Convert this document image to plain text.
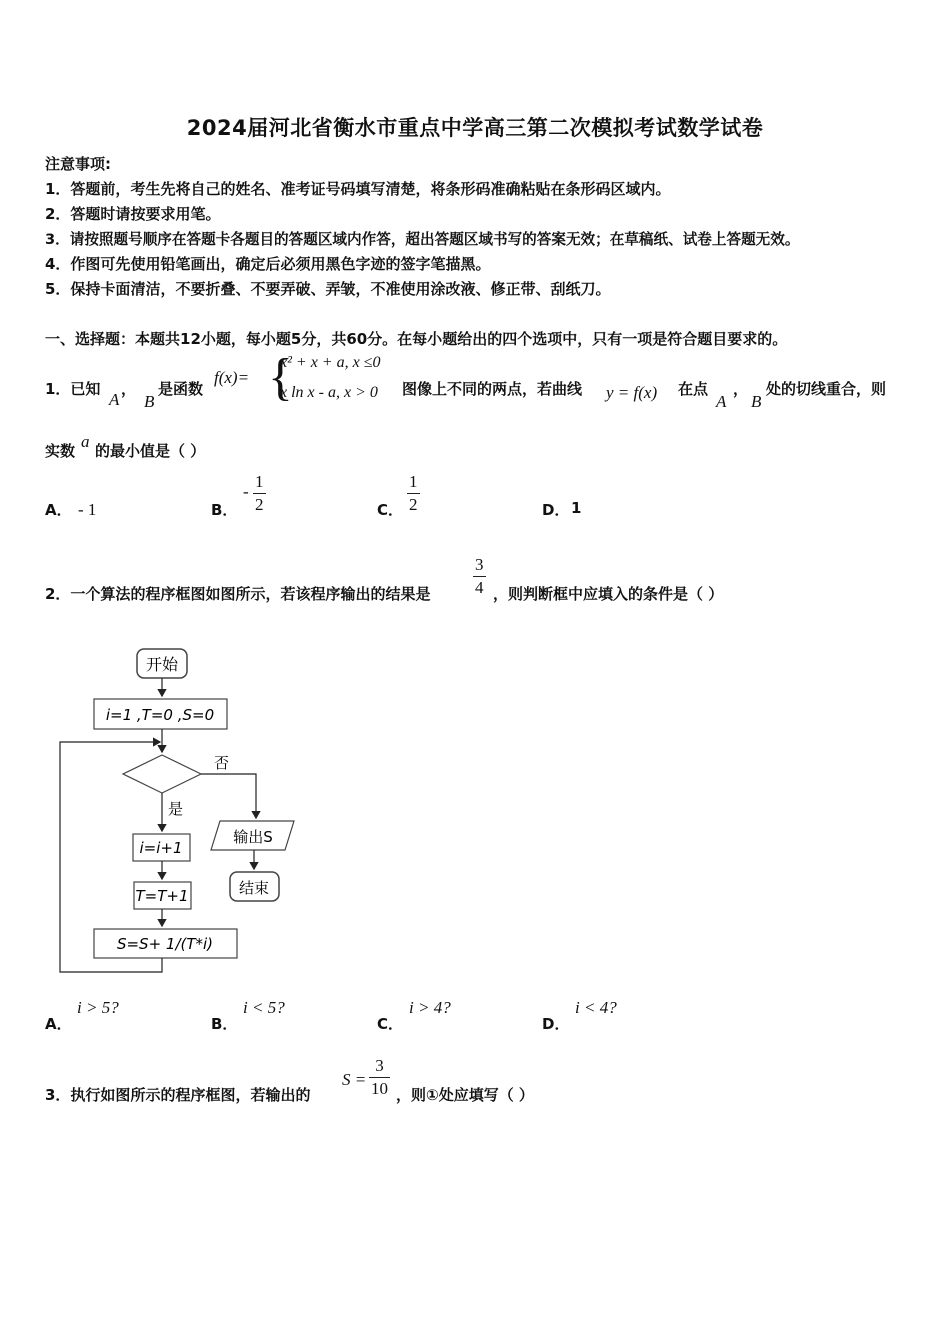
2024届河北省衡水市重点中学高三第二次模拟考试数学试卷
注意事项:
1．答题前，考生先将自己的姓名、准考证号码填写清楚，将条形码准确粘贴在条形码区域内。
2．答题时请按要求用笔。
3．请按照题号顺序在答题卡各题目的答题区域内作答，超出答题区域书写的答案无效；在草稿纸、试卷上答题无效。
4．作图可先使用铅笔画出，确定后必须用黑色字迹的签字笔描黑。
5．保持卡面清洁，不要折叠、不要弄破、弄皱，不准使用涂改液、修正带、刮纸刀。
一、选择题：本题共12小题，每小题5分，共60分。在每小题给出的四个选项中，只有一项是符合题目要求的。
1．已知
A
，
B
是函数
f(x)= {
x² + x + a, x ≤0
x ln x - a, x > 0 图像上不同的两点，若曲线 y = f(x) 在点
A
，
B
处的切线重合，则
实数 a 的最小值是（ ）
A． - 1	B．
- $\frac{1}{2}$	C． $\frac{1}{2}$	D． 1
2．一个算法的程序框图如图所示，若该程序输出的结果是	$\frac{3}{4}$ ，则判断框中应填入的条件是（ ）
开始
i=1 ,T=0 ,S=0
否
输出S
结束
是
i=i+1
T=T+1
S=S+ 1/(T*i)
A．
i > 5?
B．
i < 5?
C．
i > 4?
D．
i < 4?
3．执行如图所示的程序框图，若输出的
$S = \frac{3}{10}$ ，则①处应填写（ ）
